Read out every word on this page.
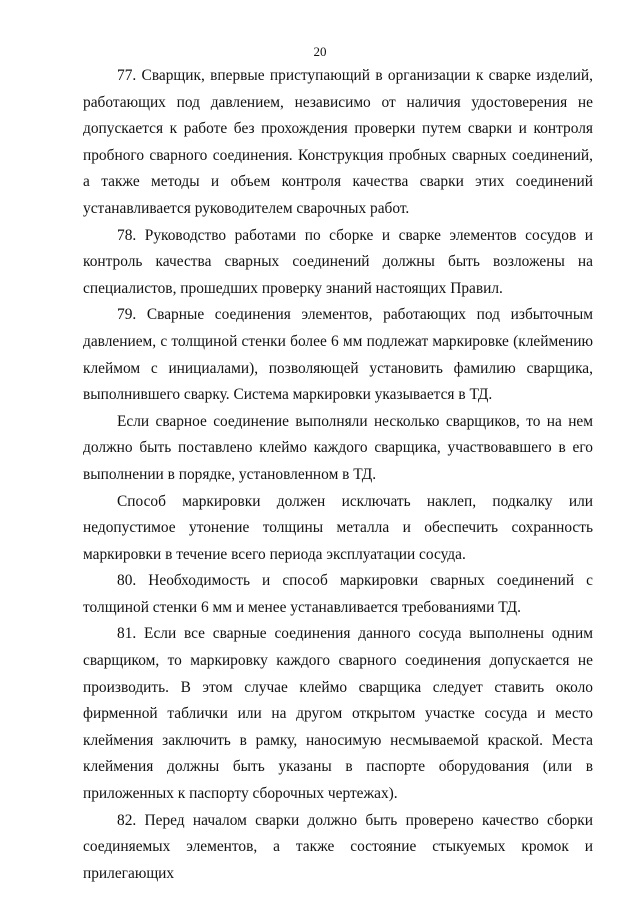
20

77. Сварщик, впервые приступающий в организации к сварке изделий, работающих под давлением, независимо от наличия удостоверения не допускается к работе без прохождения проверки путем сварки и контроля пробного сварного соединения. Конструкция пробных сварных соединений, а также методы и объем контроля качества сварки этих соединений устанавливается руководителем сварочных работ.

78. Руководство работами по сборке и сварке элементов сосудов и контроль качества сварных соединений должны быть возложены на специалистов, прошедших проверку знаний настоящих Правил.

79. Сварные соединения элементов, работающих под избыточным давлением, с толщиной стенки более 6 мм подлежат маркировке (клеймению клеймом с инициалами), позволяющей установить фамилию сварщика, выполнившего сварку. Система маркировки указывается в ТД.

Если сварное соединение выполняли несколько сварщиков, то на нем должно быть поставлено клеймо каждого сварщика, участвовавшего в его выполнении в порядке, установленном в ТД.

Способ маркировки должен исключать наклеп, подкалку или недопустимое утонение толщины металла и обеспечить сохранность маркировки в течение всего периода эксплуатации сосуда.

80. Необходимость и способ маркировки сварных соединений с толщиной стенки 6 мм и менее устанавливается требованиями ТД.

81. Если все сварные соединения данного сосуда выполнены одним сварщиком, то маркировку каждого сварного соединения допускается не производить. В этом случае клеймо сварщика следует ставить около фирменной таблички или на другом открытом участке сосуда и место клеймения заключить в рамку, наносимую несмываемой краской. Места клеймения должны быть указаны в паспорте оборудования (или в приложенных к паспорту сборочных чертежах).

82. Перед началом сварки должно быть проверено качество сборки соединяемых элементов, а также состояние стыкуемых кромок и прилегающих
